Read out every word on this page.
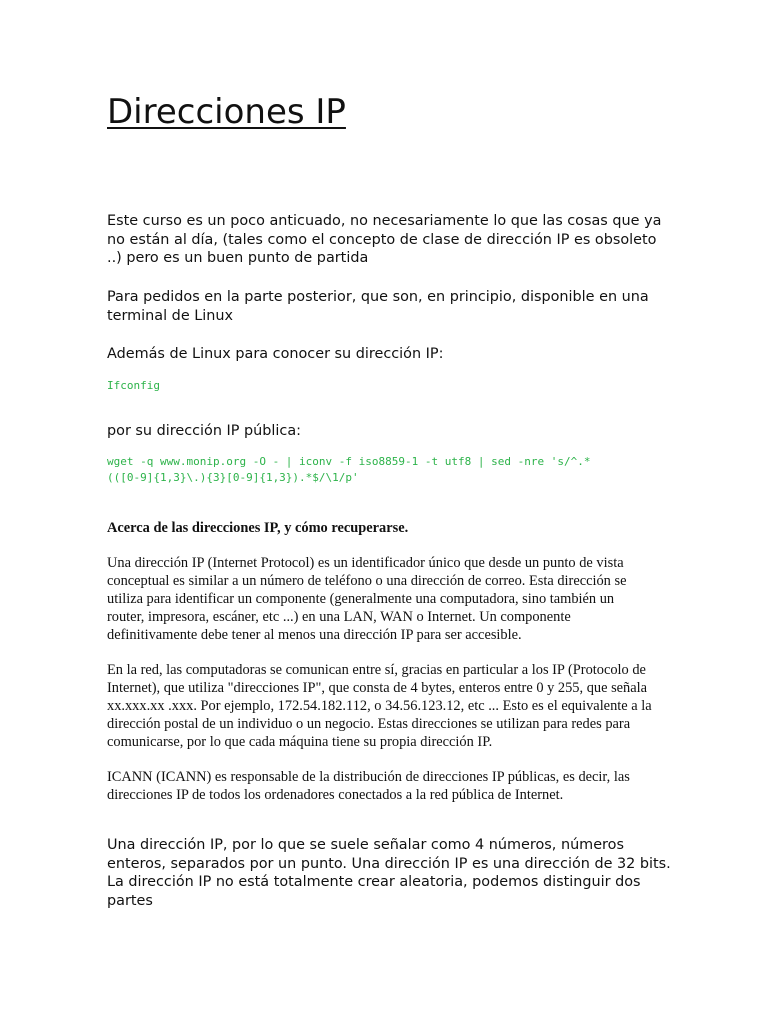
Direcciones IP

Este curso es un poco anticuado, no necesariamente lo que las cosas que ya no están al día, (tales como el concepto de clase de dirección IP es obsoleto ..) pero es un buen punto de partida

Para pedidos en la parte posterior, que son, en principio, disponible en una terminal de Linux

Además de Linux para conocer su dirección IP:

Ifconfig

por su dirección IP pública:

wget -q www.monip.org -O - | iconv -f iso8859-1 -t utf8 | sed -nre 's/^.*
(([0-9]{1,3}\.){3}[0-9]{1,3}).*$/\1/p'

Acerca de las direcciones IP, y cómo recuperarse.

Una dirección IP (Internet Protocol) es un identificador único que desde un punto de vista conceptual es similar a un número de teléfono o una dirección de correo. Esta dirección se utiliza para identificar un componente (generalmente una computadora, sino también un router, impresora, escáner, etc ...) en una LAN, WAN o Internet. Un componente definitivamente debe tener al menos una dirección IP para ser accesible.

En la red, las computadoras se comunican entre sí, gracias en particular a los IP (Protocolo de Internet), que utiliza "direcciones IP", que consta de 4 bytes, enteros entre 0 y 255, que señala xx.xxx.xx .xxx. Por ejemplo, 172.54.182.112, o 34.56.123.12, etc ... Esto es el equivalente a la dirección postal de un individuo o un negocio. Estas direcciones se utilizan para redes para comunicarse, por lo que cada máquina tiene su propia dirección IP.

ICANN (ICANN) es responsable de la distribución de direcciones IP públicas, es decir, las direcciones IP de todos los ordenadores conectados a la red pública de Internet.

Una dirección IP, por lo que se suele señalar como 4 números, números enteros, separados por un punto. Una dirección IP es una dirección de 32 bits. La dirección IP no está totalmente crear aleatoria, podemos distinguir dos partes
